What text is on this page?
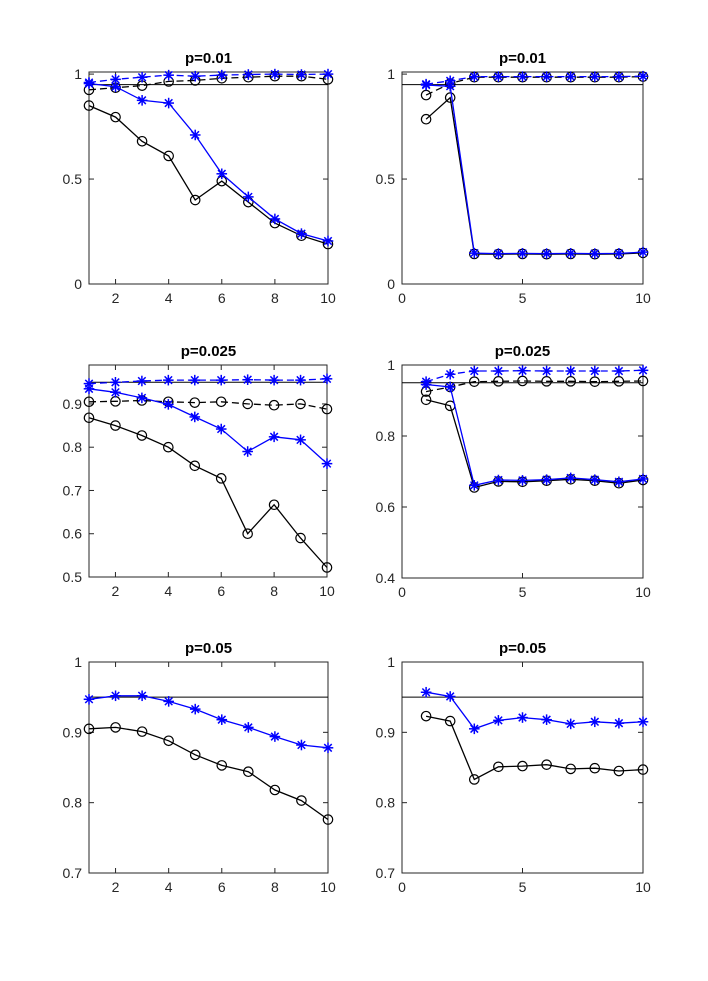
p=0.01
2	4	6	8	10
0
0.5
1
p=0.01
0	5	10
0
0.5
1
p=0.025
2	4	6	8	10
0.5
0.6
0.7
0.8
0.9
p=0.025
0	5	10
0.4
0.6
0.8
1
p=0.05
2	4	6	8	10
0.7
0.8
0.9
1
p=0.05
0	5	10
0.7
0.8
0.9
1
